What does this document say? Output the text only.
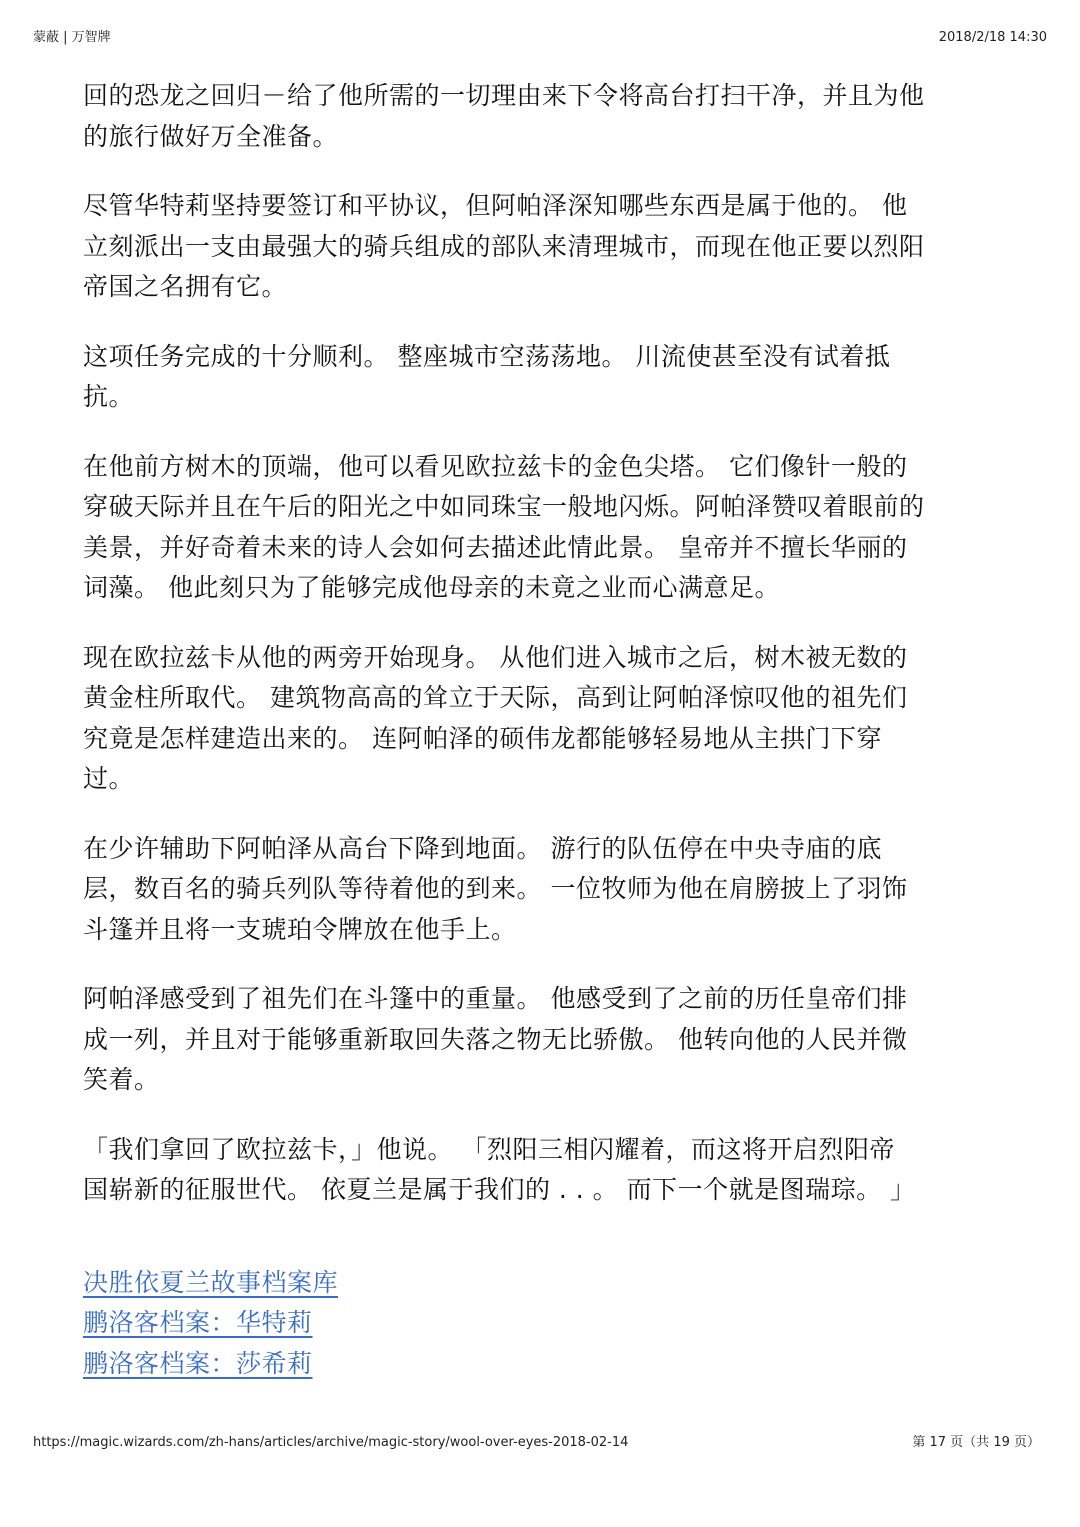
蒙蔽 | 万智牌	2018/2/18 14:30

回的恐龙之回归－给了他所需的一切理由来下令将高台打扫干净，并且为他
的旅行做好万全准备。

尽管华特莉坚持要签订和平协议，但阿帕泽深知哪些东西是属于他的。 他
立刻派出一支由最强大的骑兵组成的部队来清理城市，而现在他正要以烈阳
帝国之名拥有它。

这项任务完成的十分顺利。 整座城市空荡荡地。 川流使甚至没有试着抵
抗。

在他前方树木的顶端，他可以看见欧拉兹卡的金色尖塔。 它们像针一般的
穿破天际并且在午后的阳光之中如同珠宝一般地闪烁。阿帕泽赞叹着眼前的
美景，并好奇着未来的诗人会如何去描述此情此景。 皇帝并不擅长华丽的
词藻。 他此刻只为了能够完成他母亲的未竟之业而心满意足。

现在欧拉兹卡从他的两旁开始现身。 从他们进入城市之后，树木被无数的
黄金柱所取代。 建筑物高高的耸立于天际，高到让阿帕泽惊叹他的祖先们
究竟是怎样建造出来的。 连阿帕泽的硕伟龙都能够轻易地从主拱门下穿
过。

在少许辅助下阿帕泽从高台下降到地面。 游行的队伍停在中央寺庙的底
层，数百名的骑兵列队等待着他的到来。 一位牧师为他在肩膀披上了羽饰
斗篷并且将一支琥珀令牌放在他手上。

阿帕泽感受到了祖先们在斗篷中的重量。 他感受到了之前的历任皇帝们排
成一列，并且对于能够重新取回失落之物无比骄傲。 他转向他的人民并微
笑着。

「我们拿回了欧拉兹卡，」他说。 「烈阳三相闪耀着，而这将开启烈阳帝
国崭新的征服世代。 依夏兰是属于我们的 . . 。 而下一个就是图瑞琮。 」

决胜依夏兰故事档案库
鹏洛客档案：华特莉
鹏洛客档案：莎希莉
https://magic.wizards.com/zh-hans/articles/archive/magic-story/wool-over-eyes-2018-02-14	第 17 页（共 19 页）
